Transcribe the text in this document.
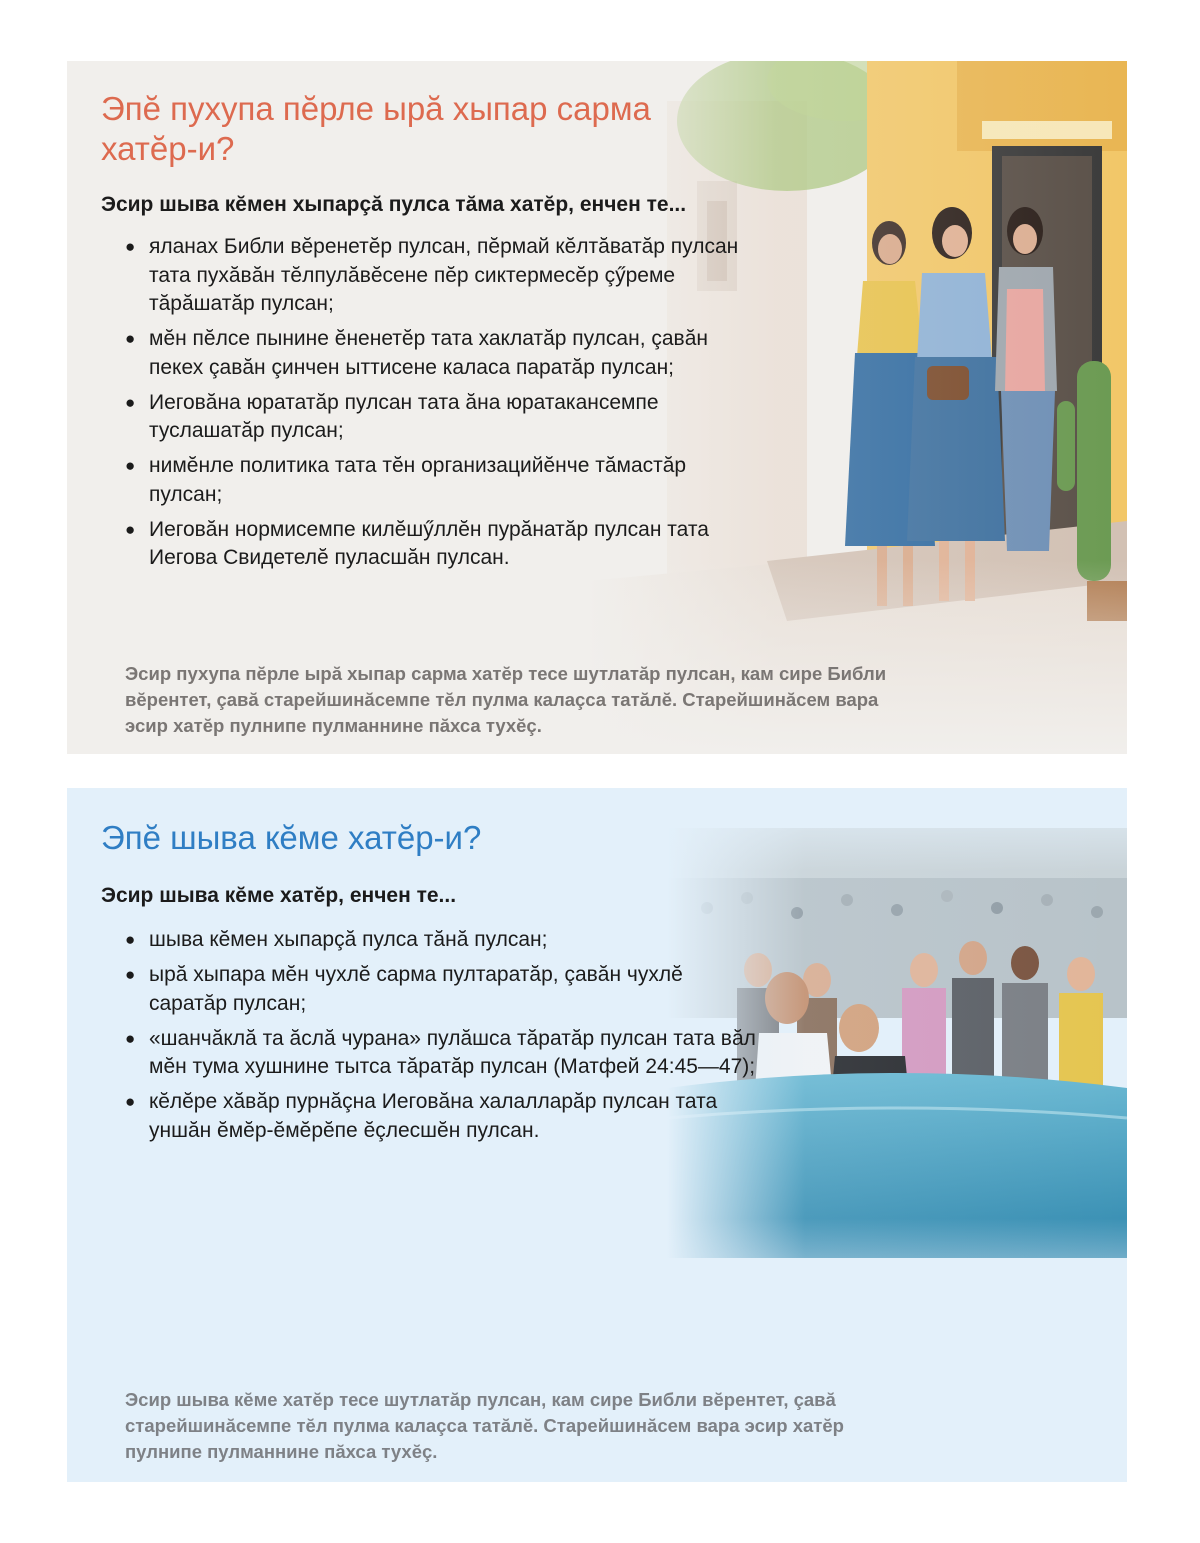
Эпĕ пухупа пĕрле ырă хыпар сарма хатĕр-и?

Эсир шыва кĕмен хыпарçă пулса тăма хатĕр, енчен те...

● яланах Библи вĕренетĕр пулсан, пĕрмай кĕлтăватăр пулсан тата пухăвăн тĕлпулăвĕсене пĕр сиктермесĕр çӳреме тăрăшатăр пулсан;
● мĕн пĕлсе пынине ĕненетĕр тата хаклатăр пулсан, çавăн пекех çавăн çинчен ыттисене каласа паратăр пулсан;
● Иеговăна юрататăр пулсан тата ăна юратакансемпе туслашатăр пулсан;
● нимĕнле политика тата тĕн организацийĕнче тăмастăр пулсан;
● Иеговăн нормисемпе килĕшӳллĕн пурăнатăр пулсан тата Иегова Свидетелĕ пуласшăн пулсан.

Эсир пухупа пĕрле ырă хыпар сарма хатĕр тесе шутлатăр пулсан, кам сире Библи вĕрентет, çавă старейшинăсемпе тĕл пулма калаçса татăлĕ. Старейшинăсем вара эсир хатĕр пулнипе пулманнине пăхса тухĕç.

Эпĕ шыва кĕме хатĕр-и?

Эсир шыва кĕме хатĕр, енчен те...

● шыва кĕмен хыпарçă пулса тăнă пулсан;
● ырă хыпара мĕн чухлĕ сарма пултаратăр, çавăн чухлĕ саратăр пулсан;
● «шанчăклă та ăслă чурана» пулăшса тăратăр пулсан тата вăл мĕн тума хушнине тытса тăратăр пулсан (Матфей 24:45—47);
● кĕлĕре хăвăр пурнăçна Иеговăна халалларăр пулсан тата уншăн ĕмĕр-ĕмĕрĕпе ĕçлесшĕн пулсан.

Эсир шыва кĕме хатĕр тесе шутлатăр пулсан, кам сире Библи вĕрентет, çавă старейшинăсемпе тĕл пулма калаçса татăлĕ. Старейшинăсем вара эсир хатĕр пулнипе пулманнине пăхса тухĕç.
